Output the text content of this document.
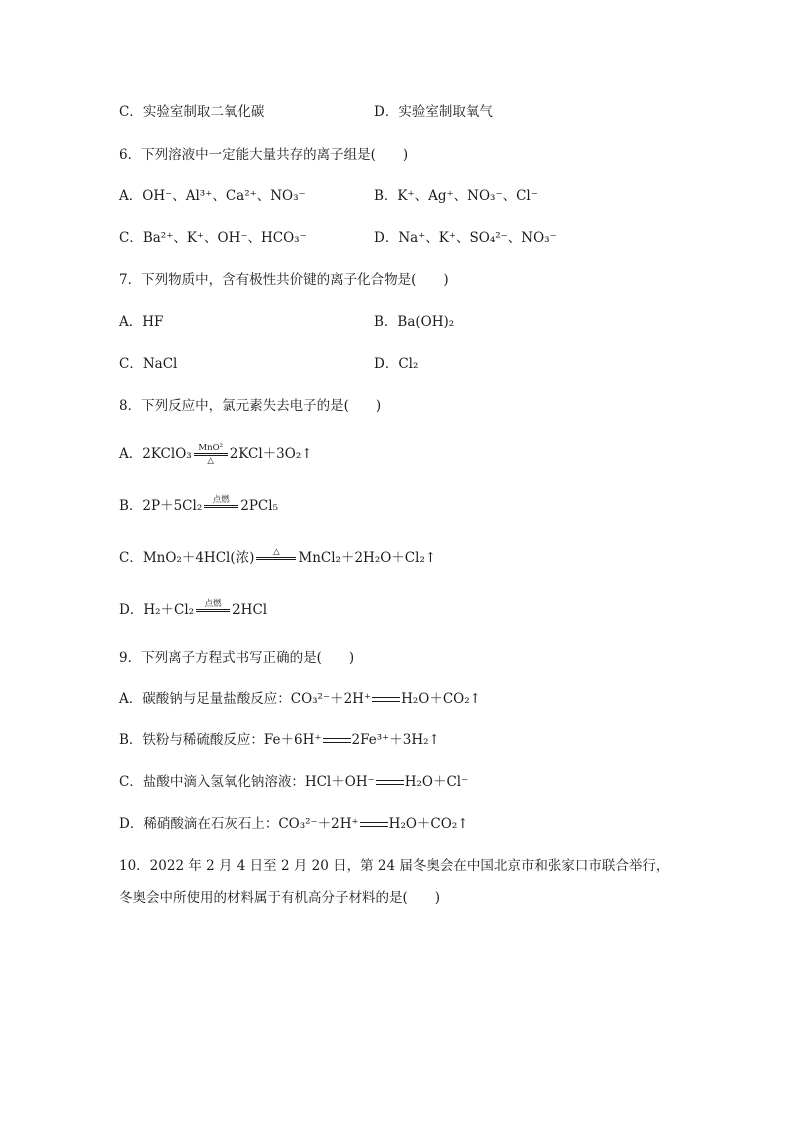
C．实验室制取二氧化碳	D．实验室制取氧气
6．下列溶液中一定能大量共存的离子组是(　　)
A．OH⁻、Al³⁺、Ca²⁺、NO₃⁻	B．K⁺、Ag⁺、NO₃⁻、Cl⁻
C．Ba²⁺、K⁺、OH⁻、HCO₃⁻	D．Na⁺、K⁺、SO₄²⁻、NO₃⁻
7．下列物质中，含有极性共价键的离子化合物是(　　)
A．HF	B．Ba(OH)₂
C．NaCl	D．Cl₂
8．下列反应中，氯元素失去电子的是(　　)
A．2KClO₃ MnO²
△ 2KCl＋3O₂↑
B．2P＋5Cl₂ 点燃 2PCl₅
C．MnO₂＋4HCl(浓) △ MnCl₂＋2H₂O＋Cl₂↑
D．H₂＋Cl₂ 点燃 2HCl
9．下列离子方程式书写正确的是(　　)
A．碳酸钠与足量盐酸反应：CO₃²⁻＋2H⁺ H₂O＋CO₂↑
B．铁粉与稀硫酸反应：Fe＋6H⁺ 2Fe³⁺＋3H₂↑
C．盐酸中滴入氢氧化钠溶液：HCl＋OH⁻ H₂O＋Cl⁻
D．稀硝酸滴在石灰石上：CO₃²⁻＋2H⁺ H₂O＋CO₂↑
10．2022 年 2 月 4 日至 2 月 20 日，第 24 届冬奥会在中国北京市和张家口市联合举行，冬奥会中所使用的材料属于有机高分子材料的是(　　)
